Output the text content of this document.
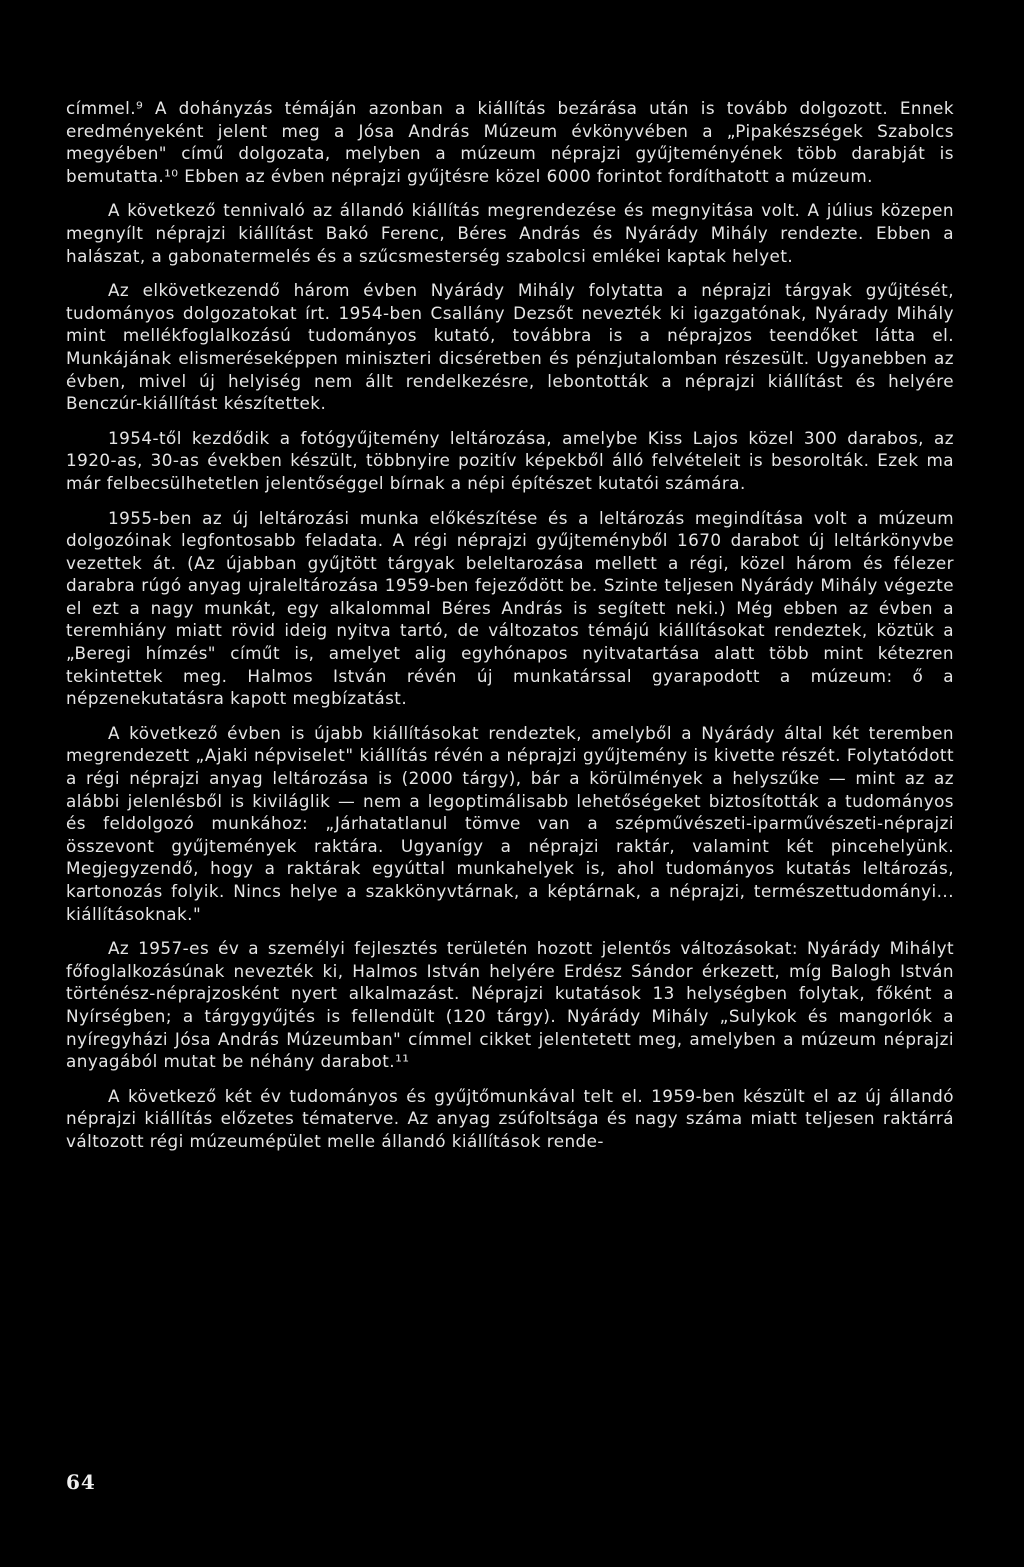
címmel.⁹ A dohányzás témáján azonban a kiállítás bezárása után is tovább dolgozott. Ennek eredményeként jelent meg a Jósa András Múzeum évkönyvében a „Pipakészségek Szabolcs megyében" című dolgozata, melyben a múzeum néprajzi gyűjteményének több darabját is bemutatta.¹⁰ Ebben az évben néprajzi gyűjtésre közel 6000 forintot fordíthatott a múzeum.

A következő tennivaló az állandó kiállítás megrendezése és megnyitása volt. A július közepen megnyílt néprajzi kiállítást Bakó Ferenc, Béres András és Nyárády Mihály rendezte. Ebben a halászat, a gabonatermelés és a szűcsmesterség szabolcsi emlékei kaptak helyet.

Az elkövetkezendő három évben Nyárády Mihály folytatta a néprajzi tárgyak gyűjtését, tudományos dolgozatokat írt. 1954-ben Csallány Dezsőt nevezték ki igazgatónak, Nyárady Mihály mint mellékfoglalkozású tudományos kutató, továbbra is a néprajzos teendőket látta el. Munkájának elismeréseképpen miniszteri dicséretben és pénzjutalomban részesült. Ugyanebben az évben, mivel új helyiség nem állt rendelkezésre, lebontották a néprajzi kiállítást és helyére Benczúr-kiállítást készítettek.

1954-től kezdődik a fotógyűjtemény leltározása, amelybe Kiss Lajos közel 300 darabos, az 1920-as, 30-as években készült, többnyire pozitív képekből álló felvételeit is besorolták. Ezek ma már felbecsülhetetlen jelentőséggel bírnak a népi építészet kutatói számára.

1955-ben az új leltározási munka előkészítése és a leltározás megindítása volt a múzeum dolgozóinak legfontosabb feladata. A régi néprajzi gyűjteményből 1670 darabot új leltárkönyvbe vezettek át. (Az újabban gyűjtött tárgyak beleltarozása mellett a régi, közel három és félezer darabra rúgó anyag ujraleltározása 1959-ben fejeződött be. Szinte teljesen Nyárády Mihály végezte el ezt a nagy munkát, egy alkalommal Béres András is segített neki.) Még ebben az évben a teremhiány miatt rövid ideig nyitva tartó, de változatos témájú kiállításokat rendeztek, köztük a „Beregi hímzés" címűt is, amelyet alig egyhónapos nyitvatartása alatt több mint kétezren tekintettek meg. Halmos István révén új munkatárssal gyarapodott a múzeum: ő a népzenekutatásra kapott megbízatást.

A következő évben is újabb kiállításokat rendeztek, amelyből a Nyárády által két teremben megrendezett „Ajaki népviselet" kiállítás révén a néprajzi gyűjtemény is kivette részét. Folytatódott a régi néprajzi anyag leltározása is (2000 tárgy), bár a körülmények a helyszűke — mint az az alábbi jelenlésből is kiviláglik — nem a legoptimálisabb lehetőségeket biztosították a tudományos és feldolgozó munkához: „Járhatatlanul tömve van a szépművészeti-iparművészeti-néprajzi összevont gyűjtemények raktára. Ugyanígy a néprajzi raktár, valamint két pincehelyünk. Megjegyzendő, hogy a raktárak egyúttal munkahelyek is, ahol tudományos kutatás leltározás, kartonozás folyik. Nincs helye a szakkönyvtárnak, a képtárnak, a néprajzi, természettudományi... kiállításoknak."

Az 1957-es év a személyi fejlesztés területén hozott jelentős változásokat: Nyárády Mihályt főfoglalkozásúnak nevezték ki, Halmos István helyére Erdész Sándor érkezett, míg Balogh István történész-néprajzosként nyert alkalmazást. Néprajzi kutatások 13 helységben folytak, főként a Nyírségben; a tárgygyűjtés is fellendült (120 tárgy). Nyárády Mihály „Sulykok és mangorlók a nyíregyházi Jósa András Múzeumban" címmel cikket jelentetett meg, amelyben a múzeum néprajzi anyagából mutat be néhány darabot.¹¹

A következő két év tudományos és gyűjtőmunkával telt el. 1959-ben készült el az új állandó néprajzi kiállítás előzetes tématerve. Az anyag zsúfoltsága és nagy száma miatt teljesen raktárrá változott régi múzeumépület melle állandó kiállítások rende-

64
